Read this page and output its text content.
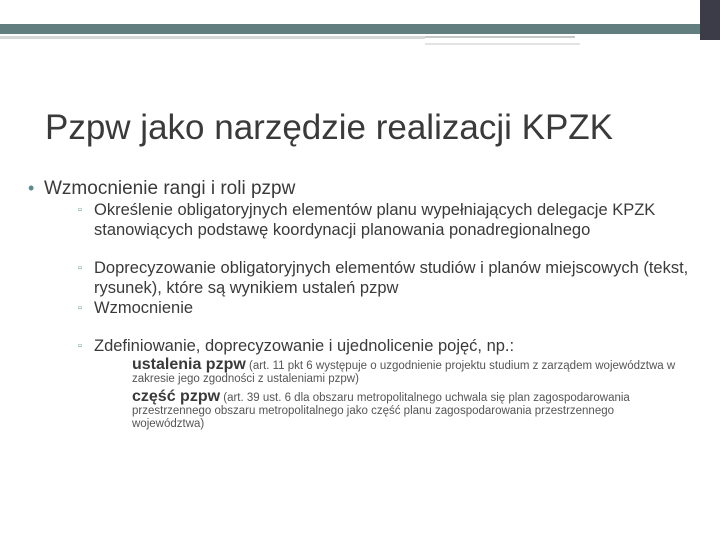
Pzpw jako narzędzie realizacji KPZK
• Wzmocnienie rangi i roli pzpw
▫ Określenie obligatoryjnych elementów planu wypełniających delegacje KPZK stanowiących podstawę koordynacji planowania ponadregionalnego
▫ Doprecyzowanie obligatoryjnych elementów studiów i planów miejscowych (tekst, rysunek), które są wynikiem ustaleń pzpw
▫ Wzmocnienie
▫ Zdefiniowanie, doprecyzowanie i ujednolicenie pojęć, np.:
ustalenia pzpw (art. 11 pkt 6 występuje o uzgodnienie projektu studium z zarządem województwa w zakresie jego zgodności z ustaleniami pzpw)
część pzpw (art. 39 ust. 6 dla obszaru metropolitalnego uchwala się plan zagospodarowania przestrzennego obszaru metropolitalnego jako część planu zagospodarowania przestrzennego województwa)
